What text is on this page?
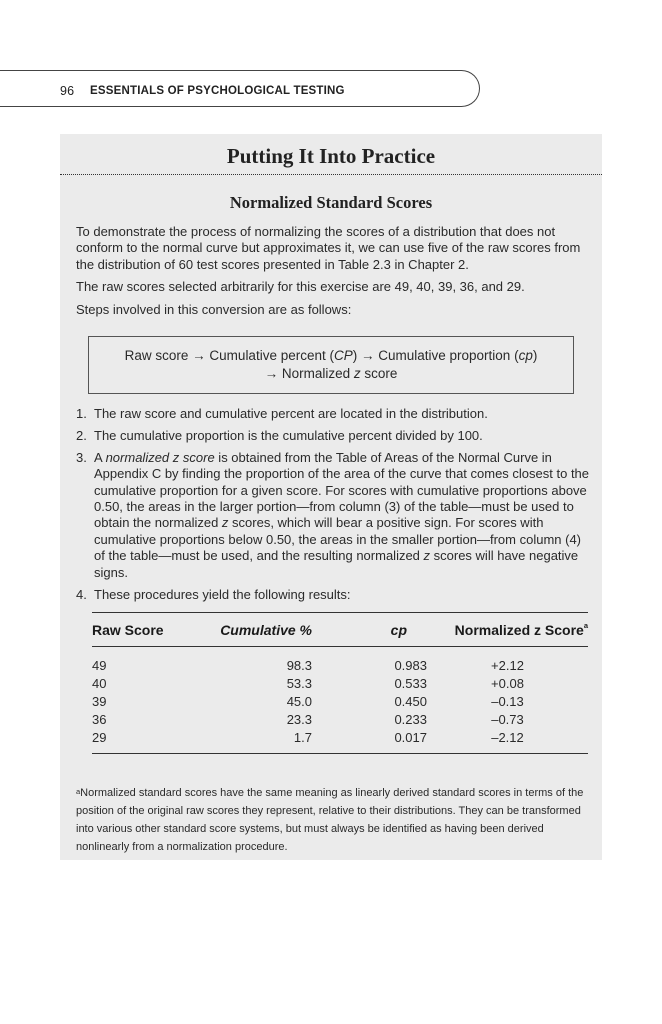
96 ESSENTIALS OF PSYCHOLOGICAL TESTING
Putting It Into Practice
Normalized Standard Scores
To demonstrate the process of normalizing the scores of a distribution that does not conform to the normal curve but approximates it, we can use five of the raw scores from the distribution of 60 test scores presented in Table 2.3 in Chapter 2.
The raw scores selected arbitrarily for this exercise are 49, 40, 39, 36, and 29.
Steps involved in this conversion are as follows:
Raw score → Cumulative percent (CP) → Cumulative proportion (cp)
→ Normalized z score
1. The raw score and cumulative percent are located in the distribution.
2. The cumulative proportion is the cumulative percent divided by 100.
3. A normalized z score is obtained from the Table of Areas of the Normal Curve in Appendix C by finding the proportion of the area of the curve that comes closest to the cumulative proportion for a given score. For scores with cumulative proportions above 0.50, the areas in the larger portion—from column (3) of the table—must be used to obtain the normalized z scores, which will bear a positive sign. For scores with cumulative proportions below 0.50, the areas in the smaller portion—from column (4) of the table—must be used, and the resulting normalized z scores will have negative signs.
4. These procedures yield the following results:
Raw Score	Cumulative %	cp	Normalized z Score$^a$
49	98.3	0.983	+2.12
40	53.3	0.533	+0.08
39	45.0	0.450	–0.13
36	23.3	0.233	–0.73
29	1.7	0.017	–2.12
$^a$Normalized standard scores have the same meaning as linearly derived standard scores in terms of the position of the original raw scores they represent, relative to their distributions. They can be transformed into various other standard score systems, but must always be identified as having been derived nonlinearly from a normalization procedure.
